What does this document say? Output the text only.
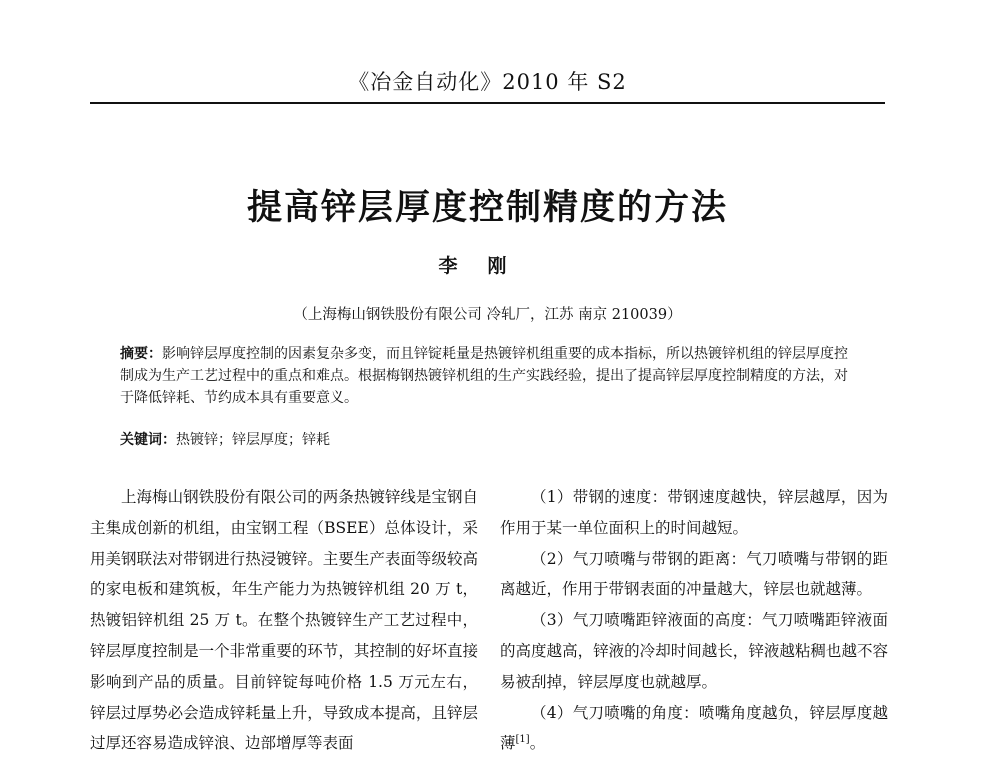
《冶金自动化》2010 年 S2
提高锌层厚度控制精度的方法
李刚
（上海梅山钢铁股份有限公司 冷轧厂，江苏 南京 210039）
摘要：影响锌层厚度控制的因素复杂多变，而且锌锭耗量是热镀锌机组重要的成本指标，所以热镀锌机组的锌层厚度控制成为生产工艺过程中的重点和难点。根据梅钢热镀锌机组的生产实践经验，提出了提高锌层厚度控制精度的方法，对于降低锌耗、节约成本具有重要意义。
关键词：热镀锌；锌层厚度；锌耗

上海梅山钢铁股份有限公司的两条热镀锌线是宝钢自主集成创新的机组，由宝钢工程（BSEE）总体设计，采用美钢联法对带钢进行热浸镀锌。主要生产表面等级较高的家电板和建筑板，年生产能力为热镀锌机组 20 万 t，热镀铝锌机组 25 万 t。在整个热镀锌生产工艺过程中，锌层厚度控制是一个非常重要的环节，其控制的好坏直接影响到产品的质量。目前锌锭每吨价格 1.5 万元左右，锌层过厚势必会造成锌耗量上升，导致成本提高，且锌层过厚还容易造成锌浪、边部增厚等表面

（1）带钢的速度：带钢速度越快，锌层越厚，因为作用于某一单位面积上的时间越短。

（2）气刀喷嘴与带钢的距离：气刀喷嘴与带钢的距离越近，作用于带钢表面的冲量越大，锌层也就越薄。

（3）气刀喷嘴距锌液面的高度：气刀喷嘴距锌液面的高度越高，锌液的冷却时间越长，锌液越粘稠也越不容易被刮掉，锌层厚度也就越厚。

（4）气刀喷嘴的角度：喷嘴角度越负，锌层厚度越薄[1]。
